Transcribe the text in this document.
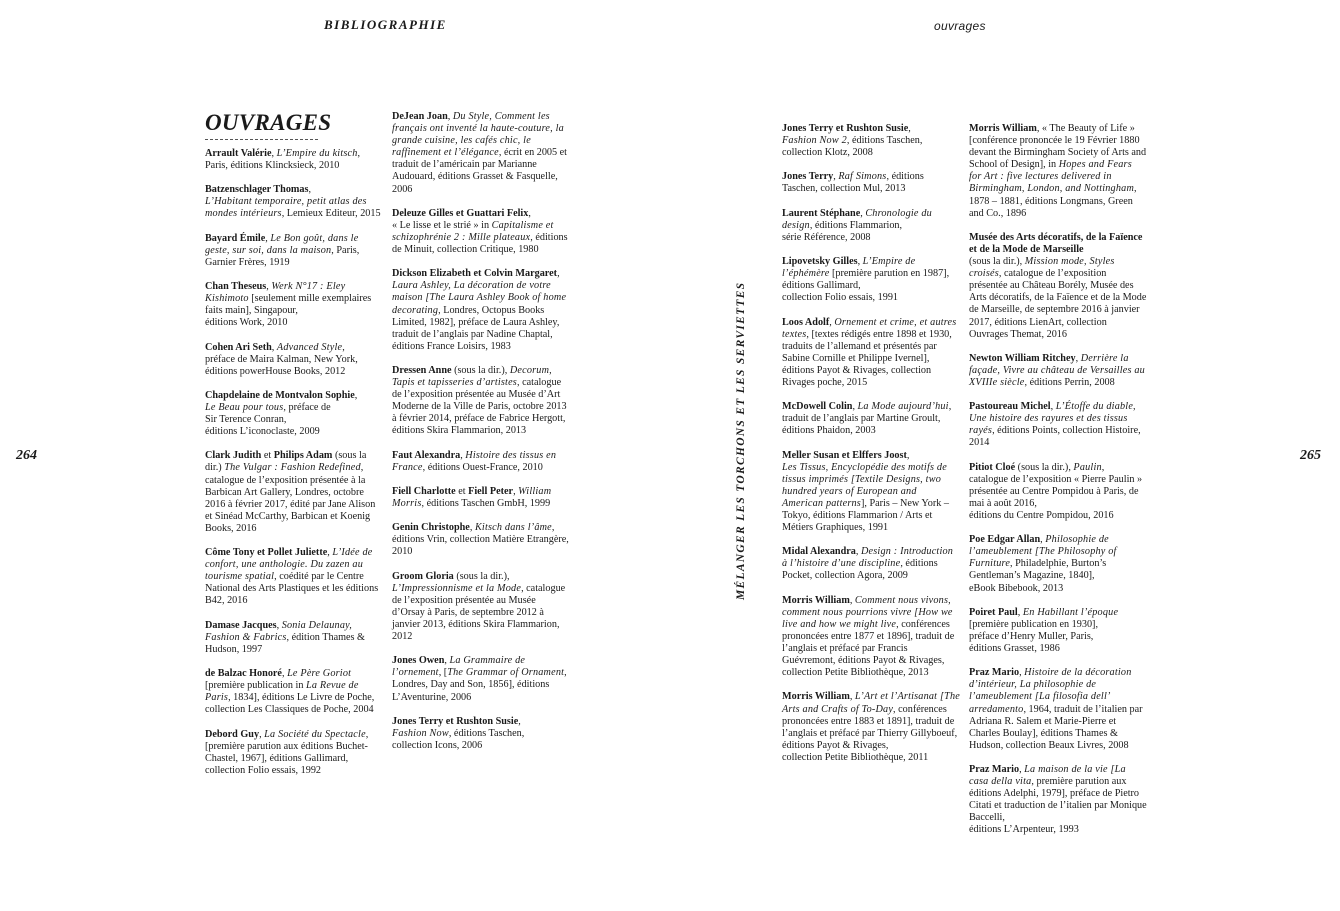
BIBLIOGRAPHIE	ouvrages
264	265
OUVRAGES
MÉLANGER LES TORCHONS ET LES SERVIETTES

Arrault Valérie, L’Empire du kitsch,
Paris, éditions Klincksieck, 2010

Batzenschlager Thomas,
L’Habitant temporaire, petit atlas des mondes intérieurs, Lemieux Editeur, 2015

Bayard Émile, Le Bon goût, dans le geste, sur soi, dans la maison, Paris, Garnier Frères, 1919

Chan Theseus, Werk N°17 : Eley Kishimoto [seulement mille exemplaires faits main], Singapour,
éditions Work, 2010

Cohen Ari Seth, Advanced Style,
préface de Maira Kalman, New York, éditions powerHouse Books, 2012

Chapdelaine de Montvalon Sophie,
Le Beau pour tous, préface de
Sir Terence Conran,
éditions L’iconoclaste, 2009

Clark Judith et Philips Adam (sous la dir.) The Vulgar : Fashion Redefined, catalogue de l’exposition présentée à la Barbican Art Gallery, Londres, octobre 2016 à février 2017, édité par Jane Alison et Sinéad McCarthy, Barbican et Koenig Books, 2016

Côme Tony et Pollet Juliette, L’Idée de confort, une anthologie. Du zazen au tourisme spatial, coédité par le Centre National des Arts Plastiques et les éditions B42, 2016

Damase Jacques, Sonia Delaunay, Fashion & Fabrics, édition Thames & Hudson, 1997

de Balzac Honoré, Le Père Goriot
[première publication in La Revue de Paris, 1834], éditions Le Livre de Poche, collection Les Classiques de Poche, 2004

Debord Guy, La Société du Spectacle,
[première parution aux éditions Buchet-Chastel, 1967], éditions Gallimard, collection Folio essais, 1992

DeJean Joan, Du Style, Comment les français ont inventé la haute-couture, la grande cuisine, les cafés chic, le raffinement et l’élégance, écrit en 2005 et traduit de l’américain par Marianne Audouard, éditions Grasset & Fasquelle, 2006

Deleuze Gilles et Guattari Felix,
« Le lisse et le strié » in Capitalisme et schizophrénie 2 : Mille plateaux, éditions de Minuit, collection Critique, 1980

Dickson Elizabeth et Colvin Margaret, Laura Ashley, La décoration de votre maison [The Laura Ashley Book of home decorating, Londres, Octopus Books Limited, 1982], préface de Laura Ashley, traduit de l’anglais par Nadine Chaptal, éditions France Loisirs, 1983

Dressen Anne (sous la dir.), Decorum, Tapis et tapisseries d’artistes, catalogue de l’exposition présentée au Musée d’Art Moderne de la Ville de Paris, octobre 2013 à février 2014, préface de Fabrice Hergott, éditions Skira Flammarion, 2013

Faut Alexandra, Histoire des tissus en France, éditions Ouest-France, 2010

Fiell Charlotte et Fiell Peter, William Morris, éditions Taschen GmbH, 1999

Genin Christophe, Kitsch dans l’âme,
éditions Vrin, collection Matière Etrangère, 2010

Groom Gloria (sous la dir.),
L’Impressionnisme et la Mode, catalogue de l’exposition présentée au Musée d’Orsay à Paris, de septembre 2012 à janvier 2013, éditions Skira Flammarion, 2012

Jones Owen, La Grammaire de l’ornement, [The Grammar of Ornament, Londres, Day and Son, 1856], éditions L’Aventurine, 2006

Jones Terry et Rushton Susie,
Fashion Now, éditions Taschen,
collection Icons, 2006

Jones Terry et Rushton Susie,
Fashion Now 2, éditions Taschen,
collection Klotz, 2008

Jones Terry, Raf Simons, éditions Taschen, collection Mul, 2013

Laurent Stéphane, Chronologie du design, éditions Flammarion,
série Référence, 2008

Lipovetsky Gilles, L’Empire de l’éphémère [première parution en 1987],
éditions Gallimard,
collection Folio essais, 1991

Loos Adolf, Ornement et crime, et autres textes, [textes rédigés entre 1898 et 1930, traduits de l’allemand et présentés par Sabine Cornille et Philippe Ivernel], éditions Payot & Rivages, collection Rivages poche, 2015

McDowell Colin, La Mode aujourd’hui, traduit de l’anglais par Martine Groult, éditions Phaidon, 2003

Meller Susan et Elffers Joost,
Les Tissus, Encyclopédie des motifs de tissus imprimés [Textile Designs, two hundred years of European and American patterns], Paris – New York – Tokyo, éditions Flammarion / Arts et Métiers Graphiques, 1991

Midal Alexandra, Design : Introduction à l’histoire d’une discipline, éditions Pocket, collection Agora, 2009

Morris William, Comment nous vivons, comment nous pourrions vivre [How we live and how we might live, conférences prononcées entre 1877 et 1896], traduit de l’anglais et préfacé par Francis Guévremont, éditions Payot & Rivages, collection Petite Bibliothèque, 2013

Morris William, L’Art et l’Artisanat [The Arts and Crafts of To-Day, conférences prononcées entre 1883 et 1891], traduit de l’anglais et préfacé par Thierry Gillyboeuf,
éditions Payot & Rivages,
collection Petite Bibliothèque, 2011

Morris William, « The Beauty of Life » [conférence prononcée le 19 Février 1880 devant the Birmingham Society of Arts and School of Design], in Hopes and Fears for Art : five lectures delivered in Birmingham, London, and Nottingham, 1878 – 1881, éditions Longmans, Green and Co., 1896

Musée des Arts décoratifs, de la Faïence et de la Mode de Marseille
(sous la dir.), Mission mode, Styles croisés, catalogue de l’exposition présentée au Château Borély, Musée des Arts décoratifs, de la Faïence et de la Mode de Marseille, de septembre 2016 à janvier 2017, éditions LienArt, collection Ouvrages Themat, 2016

Newton William Ritchey, Derrière la façade, Vivre au château de Versailles au XVIIIe siècle, éditions Perrin, 2008

Pastoureau Michel, L’Étoffe du diable, Une histoire des rayures et des tissus rayés, éditions Points, collection Histoire, 2014

Pitiot Cloé (sous la dir.), Paulin,
catalogue de l’exposition « Pierre Paulin » présentée au Centre Pompidou à Paris, de mai à août 2016,
éditions du Centre Pompidou, 2016

Poe Edgar Allan, Philosophie de l’ameublement [The Philosophy of Furniture, Philadelphie, Burton’s Gentleman’s Magazine, 1840],
eBook Bibebook, 2013

Poiret Paul, En Habillant l’époque
[première publication en 1930],
préface d’Henry Muller, Paris,
éditions Grasset, 1986

Praz Mario, Histoire de la décoration d’intérieur, La philosophie de l’ameublement [La filosofia dell’ arredamento, 1964, traduit de l’italien par Adriana R. Salem et Marie-Pierre et Charles Boulay], éditions Thames & Hudson, collection Beaux Livres, 2008

Praz Mario, La maison de la vie [La casa della vita, première parution aux éditions Adelphi, 1979], préface de Pietro Citati et traduction de l’italien par Monique Baccelli,
éditions L’Arpenteur, 1993
